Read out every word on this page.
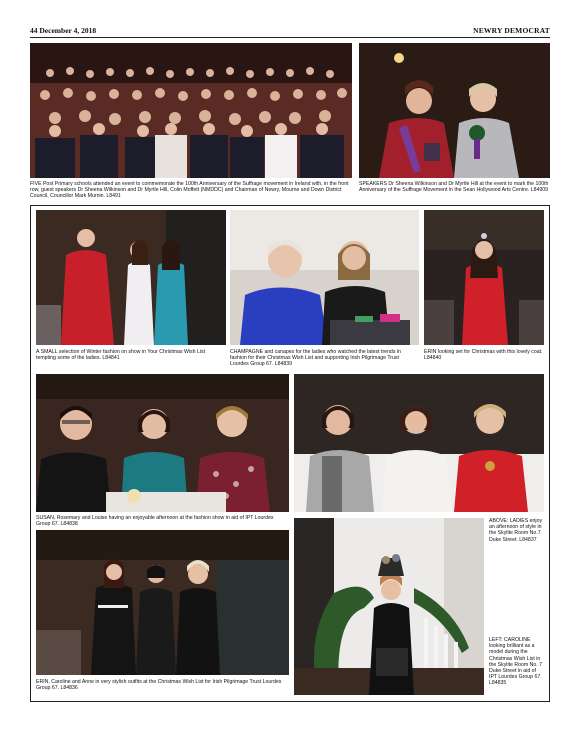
44 December 4, 2018	NEWRY DEMOCRAT
FIVE Post Primary schools attended an event to commemorate the 100th Anniversary of the Suffrage movement in Ireland with, in the front row, guest speakers Dr Sheena Wilkinson and Dr Myrtle Hill, Colin Moffett (NMDDC) and Chairman of Newry, Mourne and Down District Council, Councillor Mark Murnin. L8491
SPEAKERS Dr Sheena Wilkinson and Dr Myrtle Hill at the event to mark the 100th Anniversary of the Suffrage Movement in the Sean Hollywood Arts Centre. L84909
A SMALL selection of Winter fashion on show in Your Christmas Wish List tempting some of the ladies. L84841
CHAMPAGNE and canapes for the ladies who watched the latest trends in fashion for their Christmas Wish List and supporting Irish Pilgrimage Trust Lourdes Group 67. L84839
ERIN looking set for Christmas with this lovely coat. L84840
SUSAN, Rosemary and Louise having an enjoyable afternoon at the fashion show in aid of IPT Lourdes Group 67. L84838
ABOVE: LADIES enjoy an afternoon of style in the Skylite Room No.7 Duke Street. L84837
ERIN, Caroline and Anne in very stylish outfits at the Christmas Wish List for Irish Pilgrimage Trust Lourdes Group 67. L84836
LEFT: CAROLINE looking brilliant as a model during the Christmas Wish List in the Skylite Room No. 7 Duke Street in aid of IPT Lourdes Group 67. L84835
